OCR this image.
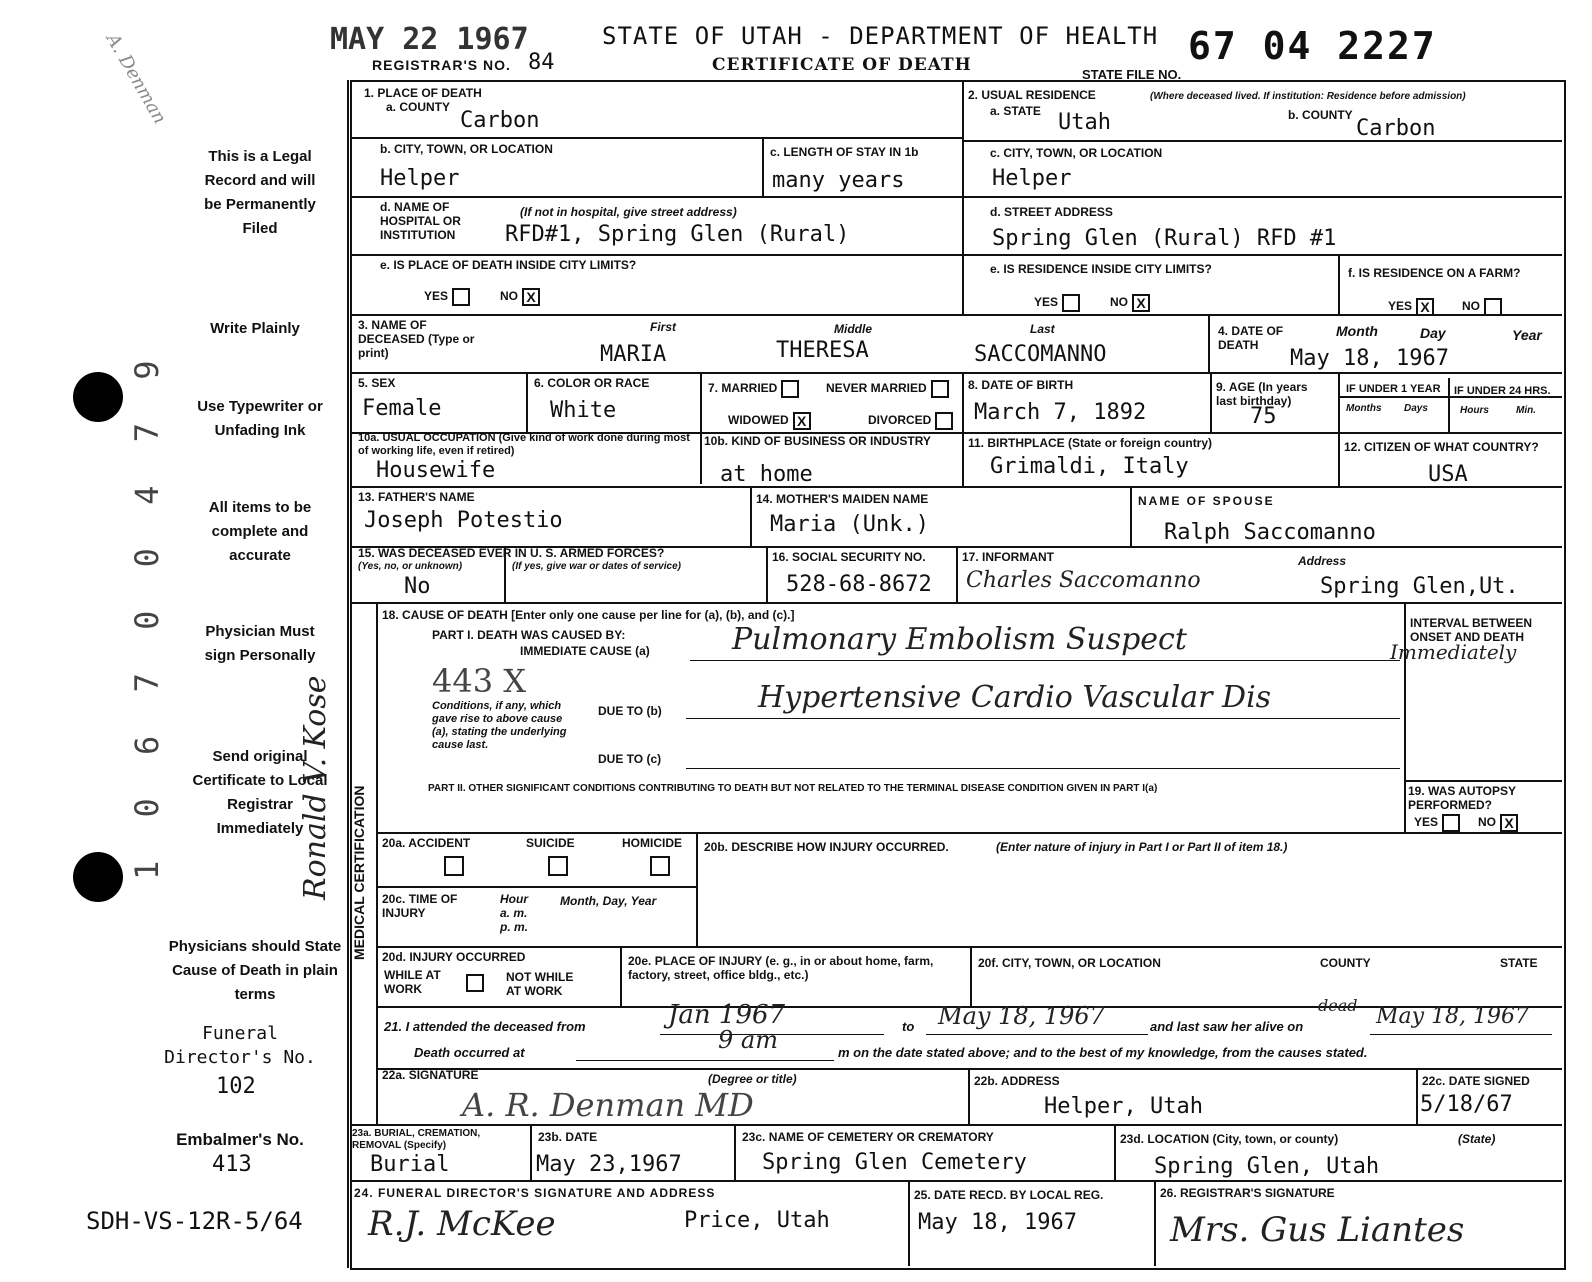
MAY 22 1967
REGISTRAR'S NO. 84
STATE OF UTAH - DEPARTMENT OF HEALTH
CERTIFICATE OF DEATH	STATE FILE NO.
67 04 2227
A. Denman
This is a Legal Record and will be Permanently Filed
Write Plainly
Use Typewriter or Unfading Ink
All items to be complete and accurate
Physician Must sign Personally
Send original Certificate to Local Registrar Immediately
Physicians should State Cause of Death in plain terms
Funeral Director's No.
102
Embalmer's No.
413
SDH-VS-12R-5/64
1 0 6 7 0 0 4 7 9	Ronald V. Kose
1. PLACE OF DEATH
a. COUNTY
Carbon
b. CITY, TOWN, OR LOCATION
Helper
c. LENGTH OF STAY IN 1b
many years
d. NAME OF HOSPITAL OR INSTITUTION
(If not in hospital, give street address)
RFD#1, Spring Glen (Rural)
e. IS PLACE OF DEATH INSIDE CITY LIMITS?
YES	NO X
2. USUAL RESIDENCE	(Where deceased lived. If institution: Residence before admission)
a. STATE Utah	b. COUNTY
Carbon
c. CITY, TOWN, OR LOCATION
Helper
d. STREET ADDRESS
Spring Glen (Rural) RFD #1
e. IS RESIDENCE INSIDE CITY LIMITS?
YES	NO X
f. IS RESIDENCE ON A FARM?
YES X	NO
3. NAME OF DECEASED (Type or print)
First	Middle	Last
MARIA	THERESA	SACCOMANNO
4. DATE OF DEATH
Month	Day	Year
May 18, 1967
5. SEX
Female
6. COLOR OR RACE
White
7. MARRIED	NEVER MARRIED
WIDOWED X	DIVORCED
8. DATE OF BIRTH
March 7, 1892
9. AGE (In years last birthday)
75
IF UNDER 1 YEAR IF UNDER 24 HRS.
Months Days	Hours	Min.
10a. USUAL OCCUPATION (Give kind of work done during most of working life, even if retired)
Housewife
10b. KIND OF BUSINESS OR INDUSTRY
at home
11. BIRTHPLACE (State or foreign country)
Grimaldi, Italy
12. CITIZEN OF WHAT COUNTRY?
USA
13. FATHER'S NAME
Joseph Potestio
14. MOTHER'S MAIDEN NAME
Maria (Unk.)
NAME OF SPOUSE
Ralph Saccomanno
15. WAS DECEASED EVER IN U. S. ARMED FORCES?
(Yes, no, or unknown)	(If yes, give war or dates of service)
No
16. SOCIAL SECURITY NO.
528-68-8672
17. INFORMANT
Charles Saccomanno
Address
Spring Glen,Ut.
MEDICAL CERTIFICATION
18. CAUSE OF DEATH [Enter only one cause per line for (a), (b), and (c).]
PART I. DEATH WAS CAUSED BY:
IMMEDIATE CAUSE (a)	Pulmonary Embolism Suspect	INTERVAL BETWEEN ONSET AND DEATH
Immediately
443 X
Conditions, if any, which gave rise to above cause (a), stating the underlying cause last.
DUE TO (b)	Hypertensive Cardio Vascular Dis
DUE TO (c)
PART II. OTHER SIGNIFICANT CONDITIONS CONTRIBUTING TO DEATH BUT NOT RELATED TO THE TERMINAL DISEASE CONDITION GIVEN IN PART I(a)	19. WAS AUTOPSY PERFORMED?
YES	NO X
20a. ACCIDENT	SUICIDE	HOMICIDE 20b. DESCRIBE HOW INJURY OCCURRED.	(Enter nature of injury in Part I or Part II of item 18.)
20c. TIME OF INJURY
Hour a. m. p. m.
Month, Day, Year
20d. INJURY OCCURRED
WHILE AT WORK
NOT WHILE AT WORK
20e. PLACE OF INJURY (e. g., in or about home, farm, factory, street, office bldg., etc.)
20f. CITY, TOWN, OR LOCATION	COUNTY	STATE
21. I attended the deceased from	Jan 1967	to May 18, 1967	and last saw her alive on
dead May 18, 1967
Death occurred at	9 am	m on the date stated above; and to the best of my knowledge, from the causes stated.
22a. SIGNATURE	(Degree or title)
A. R. Denman MD
22b. ADDRESS
Helper, Utah
22c. DATE SIGNED
5/18/67
23a. BURIAL, CREMATION, REMOVAL (Specify)
Burial
23b. DATE
May 23,1967
23c. NAME OF CEMETERY OR CREMATORY
Spring Glen Cemetery
23d. LOCATION (City, town, or county)	(State)
Spring Glen, Utah
24. FUNERAL DIRECTOR'S SIGNATURE AND ADDRESS
R.J. McKee	Price, Utah
25. DATE RECD. BY LOCAL REG.
May 18, 1967
26. REGISTRAR'S SIGNATURE
Mrs. Gus Liantes
